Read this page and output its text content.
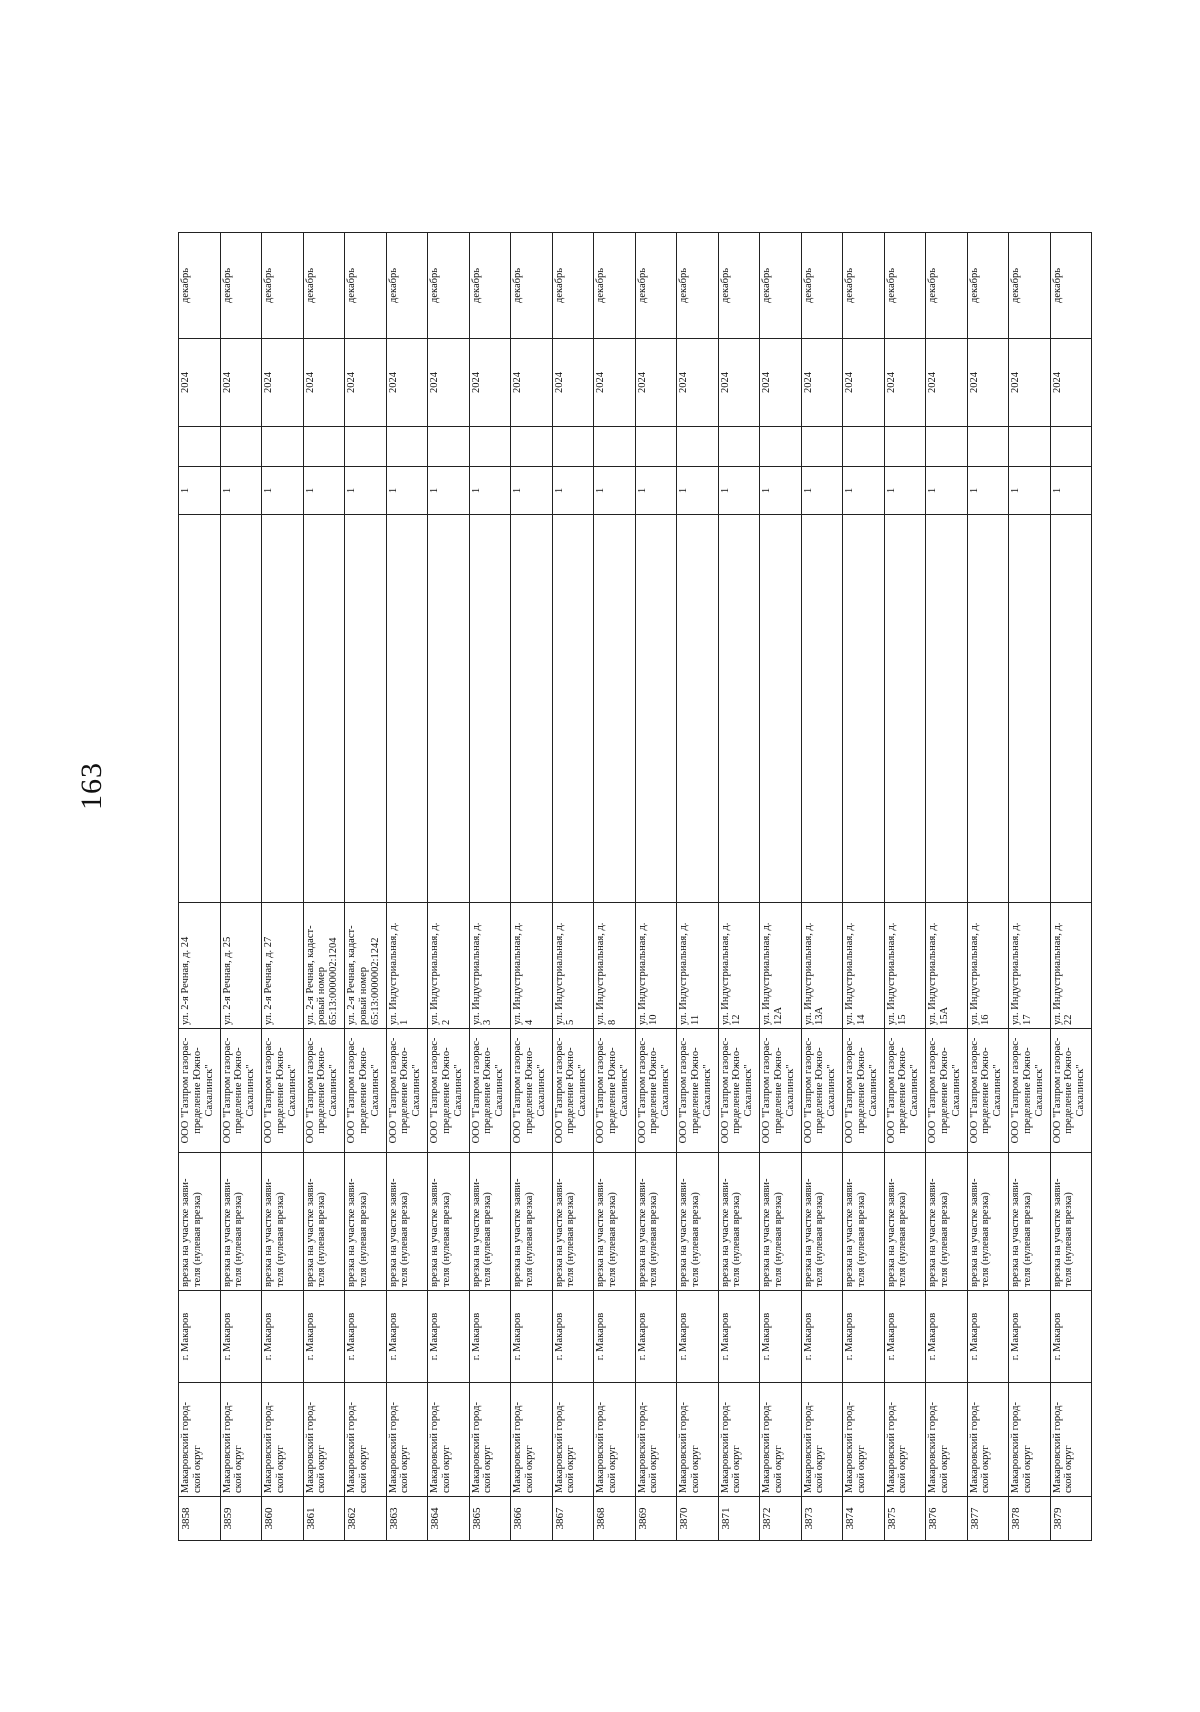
163
3858	Макаровский город-
ской округ	г. Макаров	врезка на участке заяви-
теля (нулевая врезка)	ООО "Газпром газорас-
пределение Южно-
Сахалинск"	ул. 2-я Речная, д. 24		1		2024	декабрь
3859	Макаровский город-
ской округ	г. Макаров	врезка на участке заяви-
теля (нулевая врезка)	ООО "Газпром газорас-
пределение Южно-
Сахалинск"	ул. 2-я Речная, д. 25		1		2024	декабрь
3860	Макаровский город-
ской округ	г. Макаров	врезка на участке заяви-
теля (нулевая врезка)	ООО "Газпром газорас-
пределение Южно-
Сахалинск"	ул. 2-я Речная, д. 27		1		2024	декабрь
3861	Макаровский город-
ской округ	г. Макаров	врезка на участке заяви-
теля (нулевая врезка)	ООО "Газпром газорас-
пределение Южно-
Сахалинск"	ул. 2-я Речная, кадаст-
ровый номер
65:13:0000002:1204		1		2024	декабрь
3862	Макаровский город-
ской округ	г. Макаров	врезка на участке заяви-
теля (нулевая врезка)	ООО "Газпром газорас-
пределение Южно-
Сахалинск"	ул. 2-я Речная, кадаст-
ровый номер
65:13:0000002:1242		1		2024	декабрь
3863	Макаровский город-
ской округ	г. Макаров	врезка на участке заяви-
теля (нулевая врезка)	ООО "Газпром газорас-
пределение Южно-
Сахалинск"	ул. Индустриальная, д.
1		1		2024	декабрь
3864	Макаровский город-
ской округ	г. Макаров	врезка на участке заяви-
теля (нулевая врезка)	ООО "Газпром газорас-
пределение Южно-
Сахалинск"	ул. Индустриальная, д.
2		1		2024	декабрь
3865	Макаровский город-
ской округ	г. Макаров	врезка на участке заяви-
теля (нулевая врезка)	ООО "Газпром газорас-
пределение Южно-
Сахалинск"	ул. Индустриальная, д.
3		1		2024	декабрь
3866	Макаровский город-
ской округ	г. Макаров	врезка на участке заяви-
теля (нулевая врезка)	ООО "Газпром газорас-
пределение Южно-
Сахалинск"	ул. Индустриальная, д.
4		1		2024	декабрь
3867	Макаровский город-
ской округ	г. Макаров	врезка на участке заяви-
теля (нулевая врезка)	ООО "Газпром газорас-
пределение Южно-
Сахалинск"	ул. Индустриальная, д.
5		1		2024	декабрь
3868	Макаровский город-
ской округ	г. Макаров	врезка на участке заяви-
теля (нулевая врезка)	ООО "Газпром газорас-
пределение Южно-
Сахалинск"	ул. Индустриальная, д.
8		1		2024	декабрь
3869	Макаровский город-
ской округ	г. Макаров	врезка на участке заяви-
теля (нулевая врезка)	ООО "Газпром газорас-
пределение Южно-
Сахалинск"	ул. Индустриальная, д.
10		1		2024	декабрь
3870	Макаровский город-
ской округ	г. Макаров	врезка на участке заяви-
теля (нулевая врезка)	ООО "Газпром газорас-
пределение Южно-
Сахалинск"	ул. Индустриальная, д.
11		1		2024	декабрь
3871	Макаровский город-
ской округ	г. Макаров	врезка на участке заяви-
теля (нулевая врезка)	ООО "Газпром газорас-
пределение Южно-
Сахалинск"	ул. Индустриальная, д.
12		1		2024	декабрь
3872	Макаровский город-
ской округ	г. Макаров	врезка на участке заяви-
теля (нулевая врезка)	ООО "Газпром газорас-
пределение Южно-
Сахалинск"	ул. Индустриальная, д.
12А		1		2024	декабрь
3873	Макаровский город-
ской округ	г. Макаров	врезка на участке заяви-
теля (нулевая врезка)	ООО "Газпром газорас-
пределение Южно-
Сахалинск"	ул. Индустриальная, д.
13А		1		2024	декабрь
3874	Макаровский город-
ской округ	г. Макаров	врезка на участке заяви-
теля (нулевая врезка)	ООО "Газпром газорас-
пределение Южно-
Сахалинск"	ул. Индустриальная, д.
14		1		2024	декабрь
3875	Макаровский город-
ской округ	г. Макаров	врезка на участке заяви-
теля (нулевая врезка)	ООО "Газпром газорас-
пределение Южно-
Сахалинск"	ул. Индустриальная, д.
15		1		2024	декабрь
3876	Макаровский город-
ской округ	г. Макаров	врезка на участке заяви-
теля (нулевая врезка)	ООО "Газпром газорас-
пределение Южно-
Сахалинск"	ул. Индустриальная, д.
15А		1		2024	декабрь
3877	Макаровский город-
ской округ	г. Макаров	врезка на участке заяви-
теля (нулевая врезка)	ООО "Газпром газорас-
пределение Южно-
Сахалинск"	ул. Индустриальная, д.
16		1		2024	декабрь
3878	Макаровский город-
ской округ	г. Макаров	врезка на участке заяви-
теля (нулевая врезка)	ООО "Газпром газорас-
пределение Южно-
Сахалинск"	ул. Индустриальная, д.
17		1		2024	декабрь
3879	Макаровский город-
ской округ	г. Макаров	врезка на участке заяви-
теля (нулевая врезка)	ООО "Газпром газорас-
пределение Южно-
Сахалинск"	ул. Индустриальная, д.
22		1		2024	декабрь
